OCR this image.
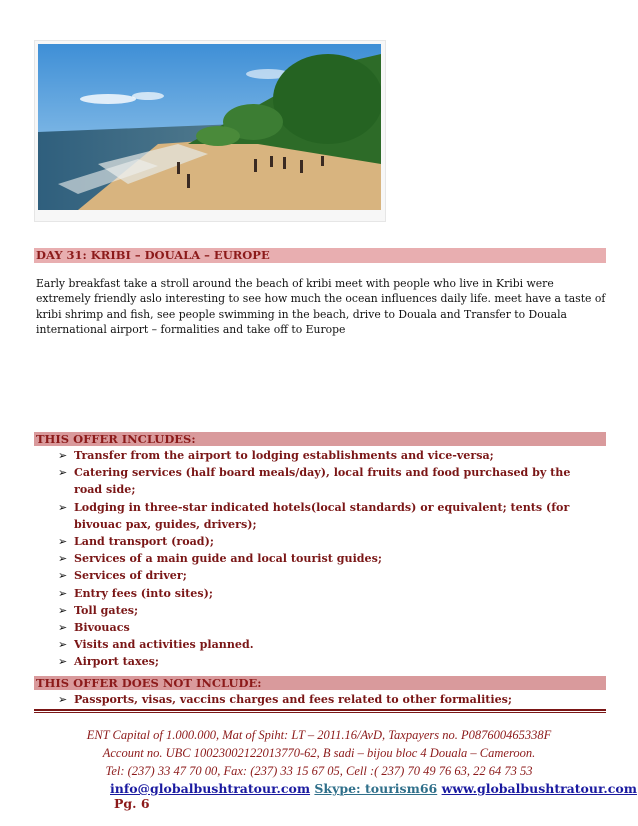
DAY 31: KRIBI – DOUALA – EUROPE
Early breakfast take a stroll around the beach of kribi meet with people who live in Kribi were extremely friendly aslo interesting to see how much the ocean influences daily life. meet have a taste of kribi shrimp and fish, see people swimming in the beach, drive to Douala and Transfer to Douala international airport – formalities and take off to Europe
THIS OFFER INCLUDES:
➢ Transfer from the airport to lodging establishments and vice-versa;
➢ Catering services (half board meals/day), local fruits and food purchased by the road side;
➢ Lodging in three-star indicated hotels(local standards) or equivalent; tents (for bivouac pax, guides, drivers);
➢ Land transport (road);
➢ Services of a main guide and local tourist guides;
➢ Services of driver;
➢ Entry fees (into sites);
➢ Toll gates;
➢ Bivouacs
➢ Visits and activities planned.
➢ Airport taxes;
THIS OFFER DOES NOT INCLUDE:
➢ Passports, visas, vaccins charges and fees related to other formalities;
ENT Capital of 1.000.000, Mat of Spiht: LT – 2011.16/AvD, Taxpayers no. P087600465338F
Account no. UBC 10023002122013770-62, B sadi – bijou bloc 4 Douala – Cameroon.
Tel: (237) 33 47 70 00, Fax: (237) 33 15 67 05, Cell :( 237) 70 49 76 63, 22 64 73 53
info@globalbushtratour.com Skype: tourism66 www.globalbushtratour.com Pg. 6
